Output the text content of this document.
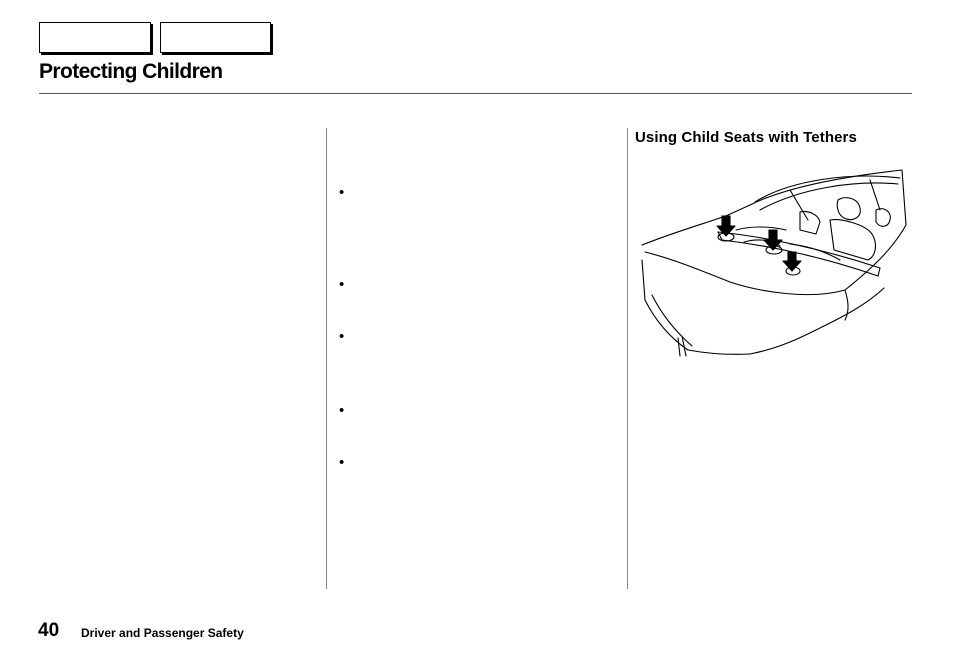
Protecting Children
•
•
•
•
•
Using Child Seats with Tethers
40 Driver and Passenger Safety
